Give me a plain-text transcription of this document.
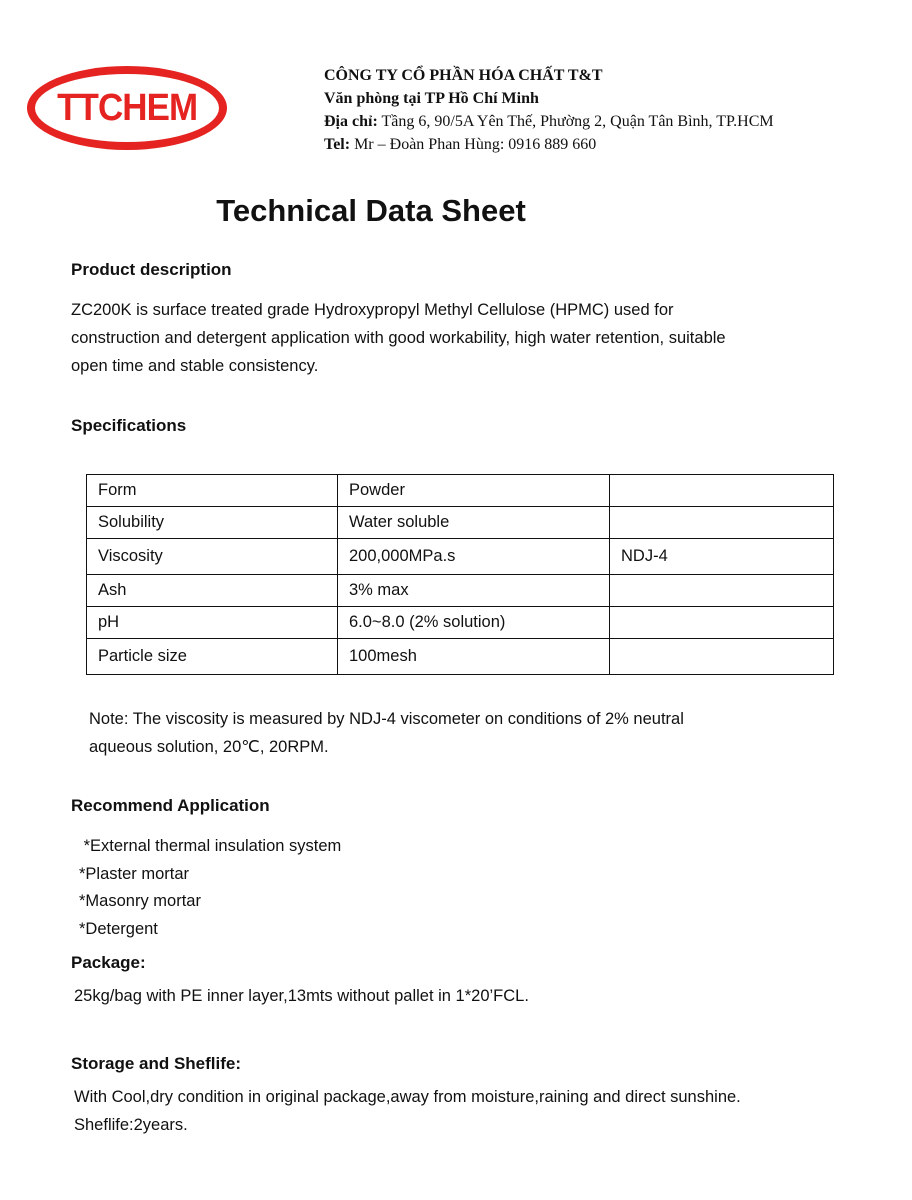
TTCHEM
CÔNG TY CỔ PHẦN HÓA CHẤT T&T
Văn phòng tại TP Hồ Chí Minh
Địa chỉ: Tầng 6, 90/5A Yên Thế, Phường 2, Quận Tân Bình, TP.HCM
Tel: Mr – Đoàn Phan Hùng: 0916 889 660
Technical Data Sheet
Product description
ZC200K is surface treated grade Hydroxypropyl Methyl Cellulose (HPMC) used for
construction and detergent application with good workability, high water retention, suitable
open time and stable consistency.
Specifications
Form	Powder	
Solubility	Water soluble	
Viscosity	200,000MPa.s	NDJ-4
Ash	3% max	
pH	6.0~8.0 (2% solution)	
Particle size	100mesh	
Note: The viscosity is measured by NDJ-4 viscometer on conditions of 2% neutral
aqueous solution, 20℃, 20RPM.
Recommend Application
*External thermal insulation system
*Plaster mortar
*Masonry mortar
*Detergent
Package:
25kg/bag with PE inner layer,13mts without pallet in 1*20’FCL.
Storage and Sheflife:
With Cool,dry condition in original package,away from moisture,raining and direct sunshine.
Sheflife:2years.
